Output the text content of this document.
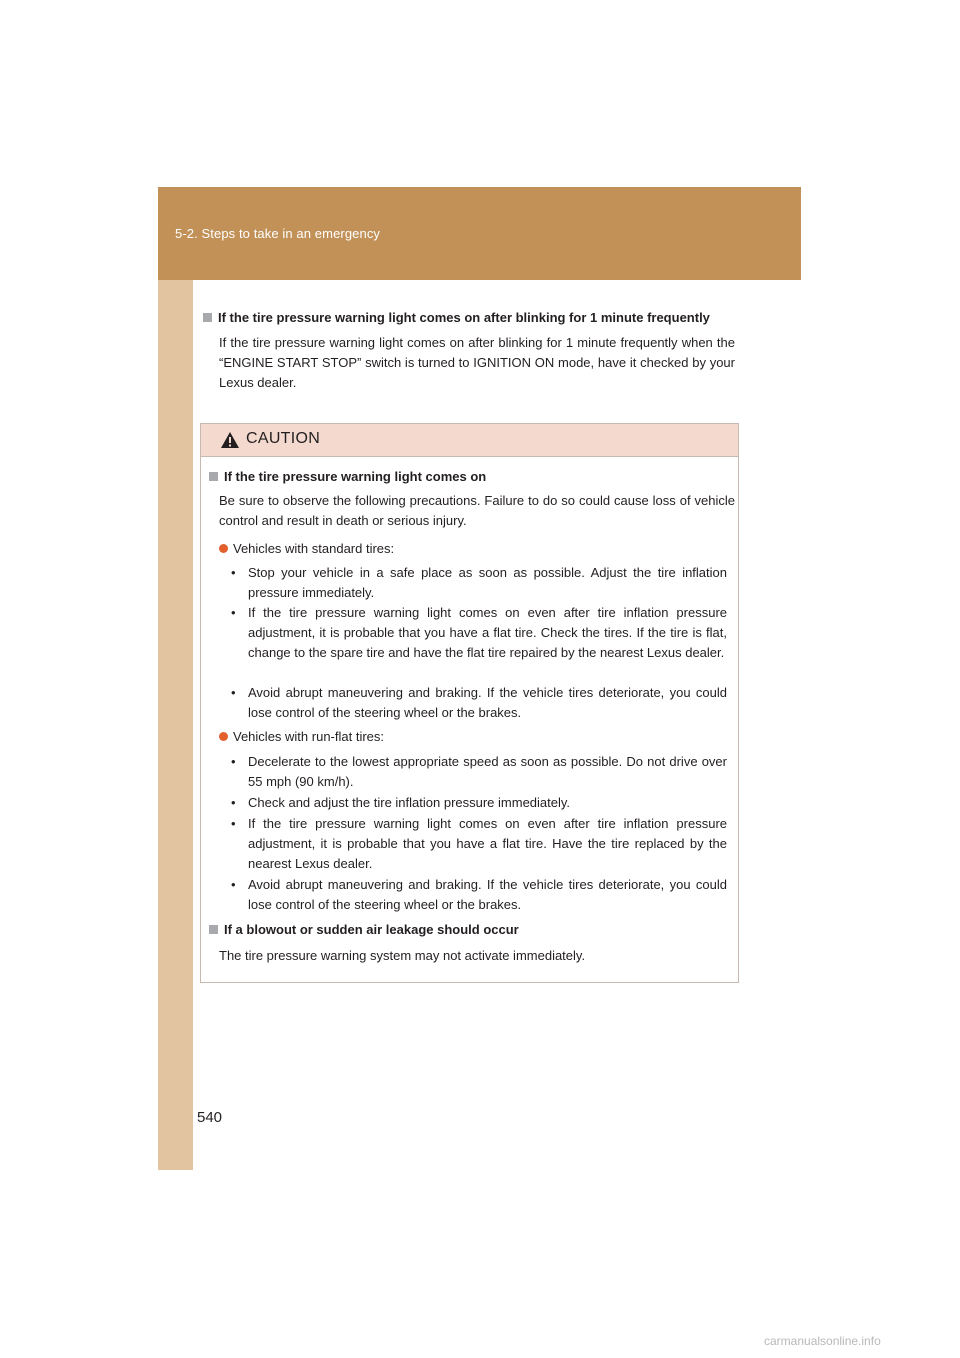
5-2. Steps to take in an emergency
If the tire pressure warning light comes on after blinking for 1 minute frequently
If the tire pressure warning light comes on after blinking for 1 minute frequently when the “ENGINE START STOP” switch is turned to IGNITION ON mode, have it checked by your Lexus dealer.
CAUTION
If the tire pressure warning light comes on
Be sure to observe the following precautions. Failure to do so could cause loss of vehicle control and result in death or serious injury.
Vehicles with standard tires:
• Stop your vehicle in a safe place as soon as possible. Adjust the tire inflation pressure immediately.
• If the tire pressure warning light comes on even after tire inflation pressure adjustment, it is probable that you have a flat tire. Check the tires. If the tire is flat, change to the spare tire and have the flat tire repaired by the nearest Lexus dealer.
• Avoid abrupt maneuvering and braking. If the vehicle tires deteriorate, you could lose control of the steering wheel or the brakes.
Vehicles with run-flat tires:
• Decelerate to the lowest appropriate speed as soon as possible. Do not drive over 55 mph (90 km/h).
• Check and adjust the tire inflation pressure immediately.
• If the tire pressure warning light comes on even after tire inflation pressure adjustment, it is probable that you have a flat tire. Have the tire replaced by the nearest Lexus dealer.
• Avoid abrupt maneuvering and braking. If the vehicle tires deteriorate, you could lose control of the steering wheel or the brakes.
If a blowout or sudden air leakage should occur
The tire pressure warning system may not activate immediately.
540
carmanualsonline.info
